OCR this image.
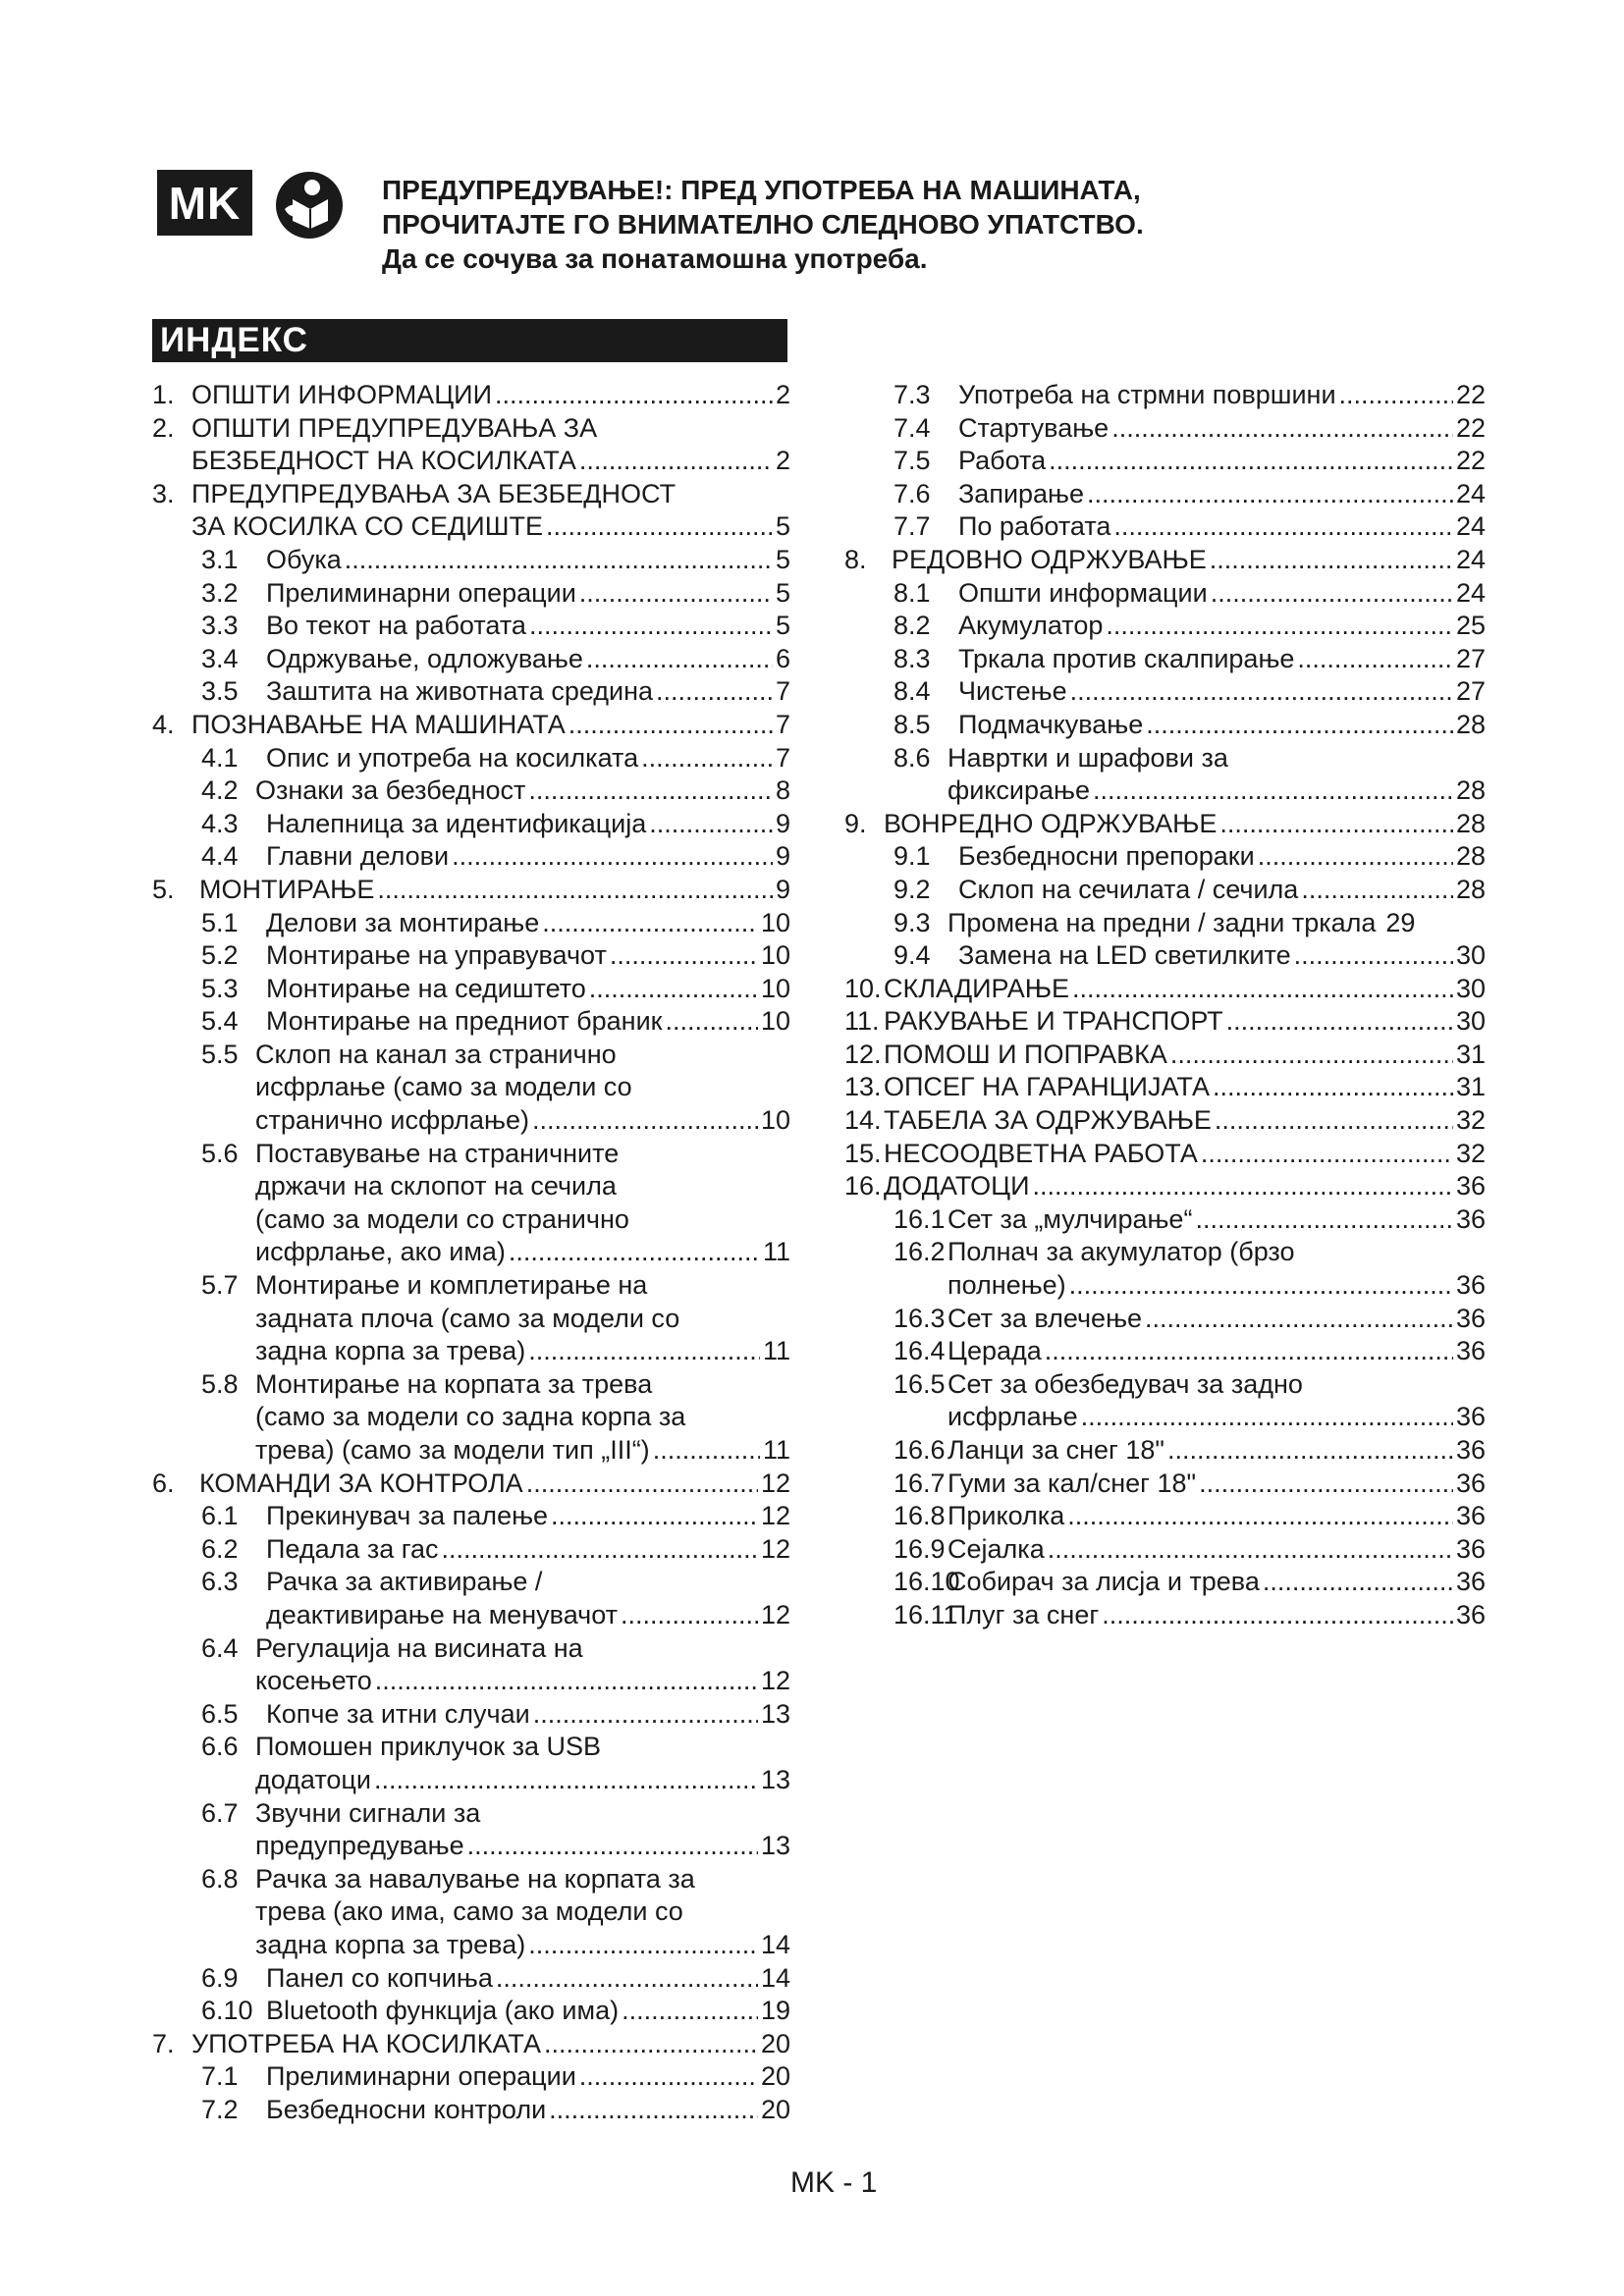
MK	ПРЕДУПРЕДУВАЊЕ!: ПРЕД УПОТРЕБА НА МАШИНАТА,
ПРОЧИТАЈТЕ ГО ВНИМАТЕЛНО СЛЕДНОВО УПАТСТВО.
Да се сочува за понатамошна употреба.
ИНДЕКС
1. ОПШТИ ИНФОРМАЦИИ .....	2
2. ОПШТИ ПРЕДУПРЕДУВАЊА ЗА
БЕЗБЕДНОСТ НА КОСИЛКАТА .....	2
3. ПРЕДУПРЕДУВАЊА ЗА БЕЗБЕДНОСТ
ЗА КОСИЛКА СО СЕДИШТЕ .....	5
3.1	Обука .....	5
3.2	Прелиминарни операции .....	5
3.3	Во текот на работата .....	5
3.4	Одржување, одложување .....	6
3.5	Заштита на животната средина .....	7
4. ПОЗНАВАЊЕ НА МАШИНАТА .....	7
4.1	Опис и употреба на косилката .....	7
4.2 Ознаки за безбедност .....	8
4.3	Налепница за идентификација .....	9
4.4	Главни делови .....	9
5. МОНТИРАЊЕ .....	9
5.1	Делови за монтирање .....	10
5.2	Монтирање на управувачот .....	10
5.3	Монтирање на седиштето .....	10
5.4	Монтирање на предниот браник .....	10
5.5 Склоп на канал за странично
исфрлање (само за модели со
странично исфрлање) .....	10
5.6 Поставување на страничните
држачи на склопот на сечила
(само за модели со странично
исфрлање, ако има) .....	11
5.7 Монтирање и комплетирање на
задната плоча (само за модели со
задна корпа за трева) .....	11
5.8 Монтирање на корпата за трева
(само за модели со задна корпа за
трева) (само за модели тип „III“) .....	11
6. КОМАНДИ ЗА КОНТРОЛА .....	12
6.1	Прекинувач за палење .....	12
6.2	Педала за гас .....	12
6.3	Рачка за активирање /
деактивирање на менувачот .....	12
6.4 Регулација на висината на
косењето .....	12
6.5	Копче за итни случаи .....	13
6.6 Помошен приклучок за USB
додатоци .....	13
6.7 Звучни сигнали за
предупредување .....	13
6.8 Рачка за навалување на корпата за
трева (ако има, само за модели со
задна корпа за трева) .....	14
6.9	Панел со копчиња .....	14
6.10 Bluetooth функција (ако има) .....	19
7. УПОТРЕБА НА КОСИЛКАТА .....	20
7.1	Прелиминарни операции .....	20
7.2	Безбедносни контроли .....	20
7.3	Употреба на стрмни површини .....	22
7.4	Стартување .....	22
7.5	Работа .....	22
7.6	Запирање .....	24
7.7	По работата .....	24
8. РЕДОВНО ОДРЖУВАЊЕ .....	24
8.1	Општи информации .....	24
8.2	Акумулатор .....	25
8.3	Тркала против скалпирање .....	27
8.4	Чистење .....	27
8.5	Подмачкување .....	28
8.6 Навртки и шрафови за
фиксирање .....	28
9. ВОНРЕДНО ОДРЖУВАЊЕ .....	28
9.1	Безбедносни препораки .....	28
9.2	Склоп на сечилата / сечила .....	28
9.3 Промена на предни / задни тркала 29
9.4	Замена на LED светилките .....	30
10. СКЛАДИРАЊЕ .....	30
11. РАКУВАЊЕ И ТРАНСПОРТ .....	30
12. ПОМОШ И ПОПРАВКА .....	31
13. ОПСЕГ НА ГАРАНЦИЈАТА .....	31
14. ТАБЕЛА ЗА ОДРЖУВАЊЕ .....	32
15. НЕСООДВЕТНА РАБОТА .....	32
16. ДОДАТОЦИ .....	36
16.1 Сет за „мулчирање“ .....	36
16.2 Полнач за акумулатор (брзо
полнење) .....	36
16.3 Сет за влечење .....	36
16.4 Церада .....	36
16.5 Сет за обезбедувач за задно
исфрлање .....	36
16.6 Ланци за снег 18" .....	36
16.7 Гуми за кал/снег 18" .....	36
16.8 Приколка .....	36
16.9 Сејалка .....	36
16.10
Собирач за лисја и трева .....	36
16.11
Плуг за снег .....	36
MK - 1
